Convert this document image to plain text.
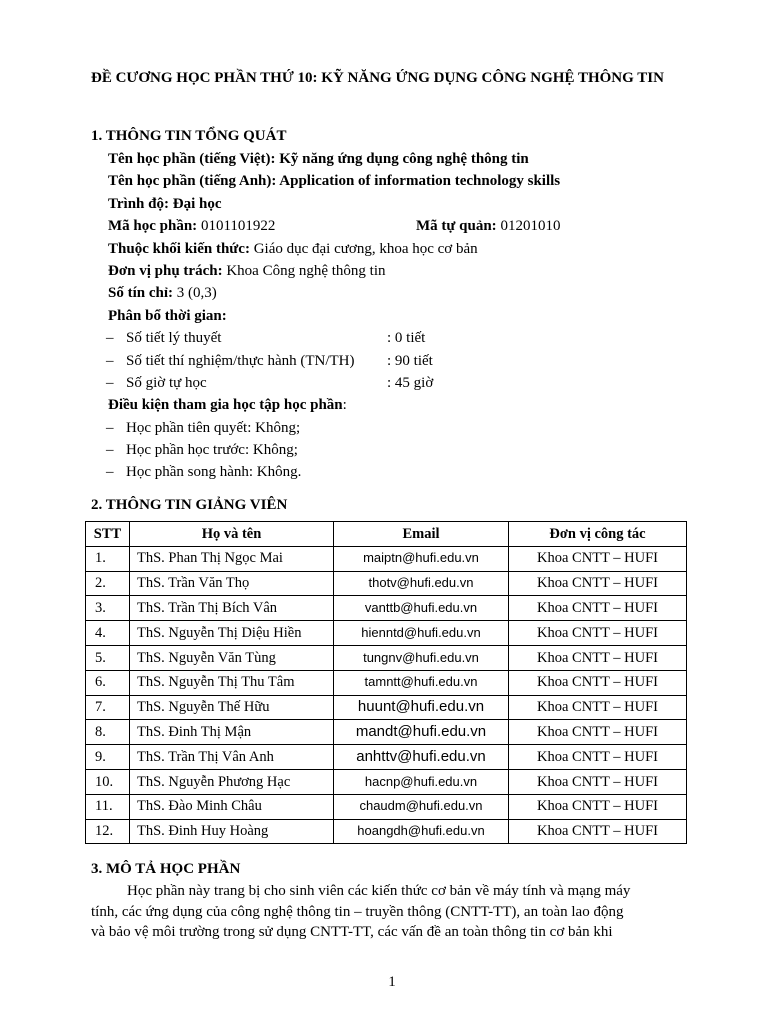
ĐỀ CƯƠNG HỌC PHẦN THỨ 10: KỸ NĂNG ỨNG DỤNG CÔNG NGHỆ THÔNG TIN
1. THÔNG TIN TỔNG QUÁT
Tên học phần (tiếng Việt): Kỹ năng ứng dụng công nghệ thông tin
Tên học phần (tiếng Anh): Application of information technology skills
Trình độ: Đại học
Mã học phần: 0101101922	Mã tự quản: 01201010
Thuộc khối kiến thức: Giáo dục đại cương, khoa học cơ bản
Đơn vị phụ trách: Khoa Công nghệ thông tin
Số tín chỉ: 3 (0,3)
Phân bổ thời gian:
– Số tiết lý thuyết	: 0 tiết
– Số tiết thí nghiệm/thực hành (TN/TH) : 90 tiết
– Số giờ tự học	: 45 giờ
Điều kiện tham gia học tập học phần:
– Học phần tiên quyết: Không;
– Học phần học trước: Không;
– Học phần song hành: Không.
2. THÔNG TIN GIẢNG VIÊN
STT	Họ và tên	Email	Đơn vị công tác
1.	ThS. Phan Thị Ngọc Mai	maiptn@hufi.edu.vn	Khoa CNTT – HUFI
2.	ThS. Trần Văn Thọ	thotv@hufi.edu.vn	Khoa CNTT – HUFI
3.	ThS. Trần Thị Bích Vân	vanttb@hufi.edu.vn	Khoa CNTT – HUFI
4.	ThS. Nguyễn Thị Diệu Hiền	hienntd@hufi.edu.vn	Khoa CNTT – HUFI
5.	ThS. Nguyễn Văn Tùng	tungnv@hufi.edu.vn	Khoa CNTT – HUFI
6.	ThS. Nguyễn Thị Thu Tâm	tamntt@hufi.edu.vn	Khoa CNTT – HUFI
7.	ThS. Nguyễn Thế Hữu	huunt@hufi.edu.vn	Khoa CNTT – HUFI
8.	ThS. Đinh Thị Mận	mandt@hufi.edu.vn	Khoa CNTT – HUFI
9.	ThS. Trần Thị Vân Anh	anhttv@hufi.edu.vn	Khoa CNTT – HUFI
10.	ThS. Nguyễn Phương Hạc	hacnp@hufi.edu.vn	Khoa CNTT – HUFI
11.	ThS. Đào Minh Châu	chaudm@hufi.edu.vn	Khoa CNTT – HUFI
12.	ThS. Đinh Huy Hoàng	hoangdh@hufi.edu.vn	Khoa CNTT – HUFI
3. MÔ TẢ HỌC PHẦN
Học phần này trang bị cho sinh viên các kiến thức cơ bản về máy tính và mạng máy
tính, các ứng dụng của công nghệ thông tin – truyền thông (CNTT-TT), an toàn lao động
và bảo vệ môi trường trong sử dụng CNTT-TT, các vấn đề an toàn thông tin cơ bản khi
1
